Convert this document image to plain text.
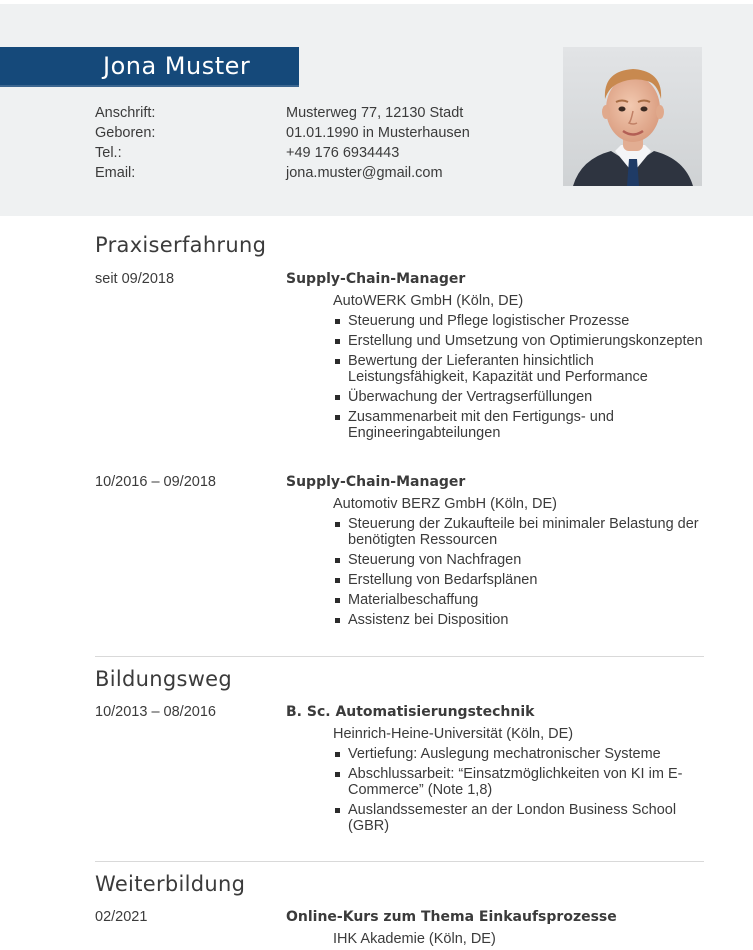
Jona Muster
Anschrift:	Musterweg 77, 12130 Stadt
Geboren:	01.01.1990 in Musterhausen
Tel.:	+49 176 6934443
Email:	jona.muster@gmail.com
Praxiserfahrung
seit 09/2018	Supply-Chain-Manager
AutoWERK GmbH (Köln, DE)
Steuerung und Pflege logistischer Prozesse
Erstellung und Umsetzung von Optimierungskonzepten
Bewertung der Lieferanten hinsichtlich Leistungsfähigkeit, Kapazität und Performance
Überwachung der Vertragserfüllungen
Zusammenarbeit mit den Fertigungs- und Engineeringabteilungen
10/2016 – 09/2018	Supply-Chain-Manager
Automotiv BERZ GmbH (Köln, DE)
Steuerung der Zukaufteile bei minimaler Belastung der benötigten Ressourcen
Steuerung von Nachfragen
Erstellung von Bedarfsplänen
Materialbeschaffung
Assistenz bei Disposition
Bildungsweg
10/2013 – 08/2016	B. Sc. Automatisierungstechnik
Heinrich-Heine-Universität (Köln, DE)
Vertiefung: Auslegung mechatronischer Systeme
Abschlussarbeit: “Einsatzmöglichkeiten von KI im E-Commerce” (Note 1,8)
Auslandssemester an der London Business School (GBR)
Weiterbildung
02/2021	Online-Kurs zum Thema Einkaufsprozesse
IHK Akademie (Köln, DE)
